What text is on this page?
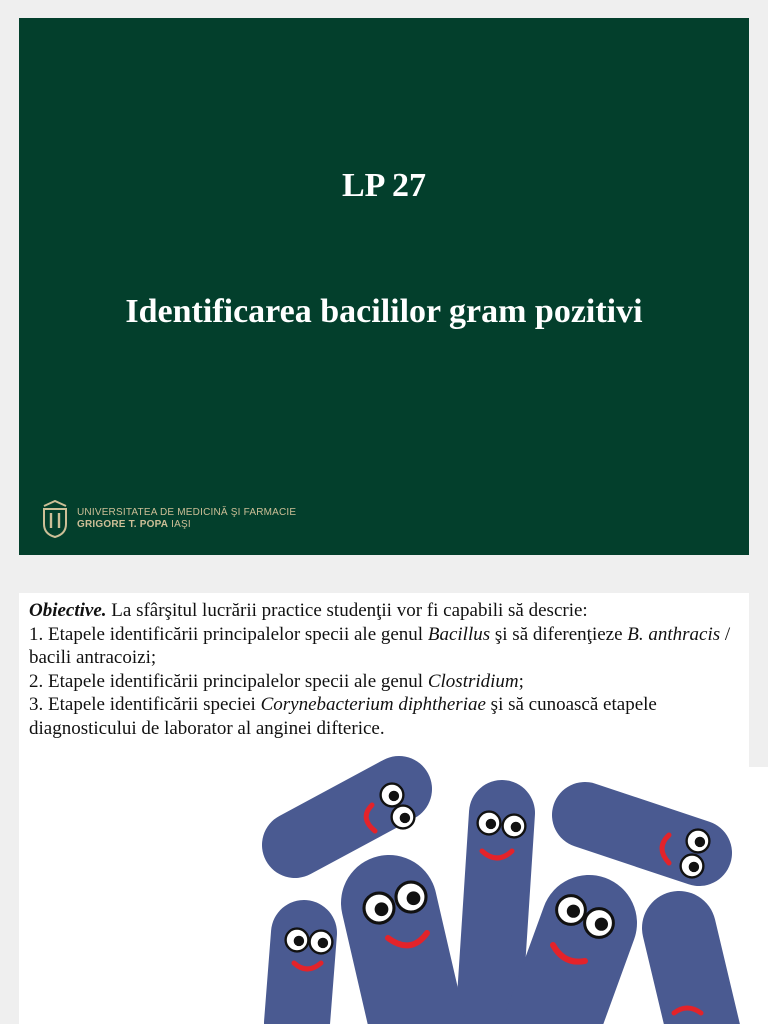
LP 27
Identificarea bacililor gram pozitivi
UNIVERSITATEA DE MEDICINĂ ŞI FARMACIE
GRIGORE T. POPA IAŞI

Obiective. La sfârşitul lucrării practice studenţii vor fi capabili să descrie:

1. Etapele identificării principalelor specii ale genul Bacillus şi să diferenţieze B. anthracis / bacili antracoizi;

2. Etapele identificării principalelor specii ale genul Clostridium;

3. Etapele identificării speciei Corynebacterium diphtheriae şi să cunoască etapele diagnosticului de laborator al anginei difterice.
